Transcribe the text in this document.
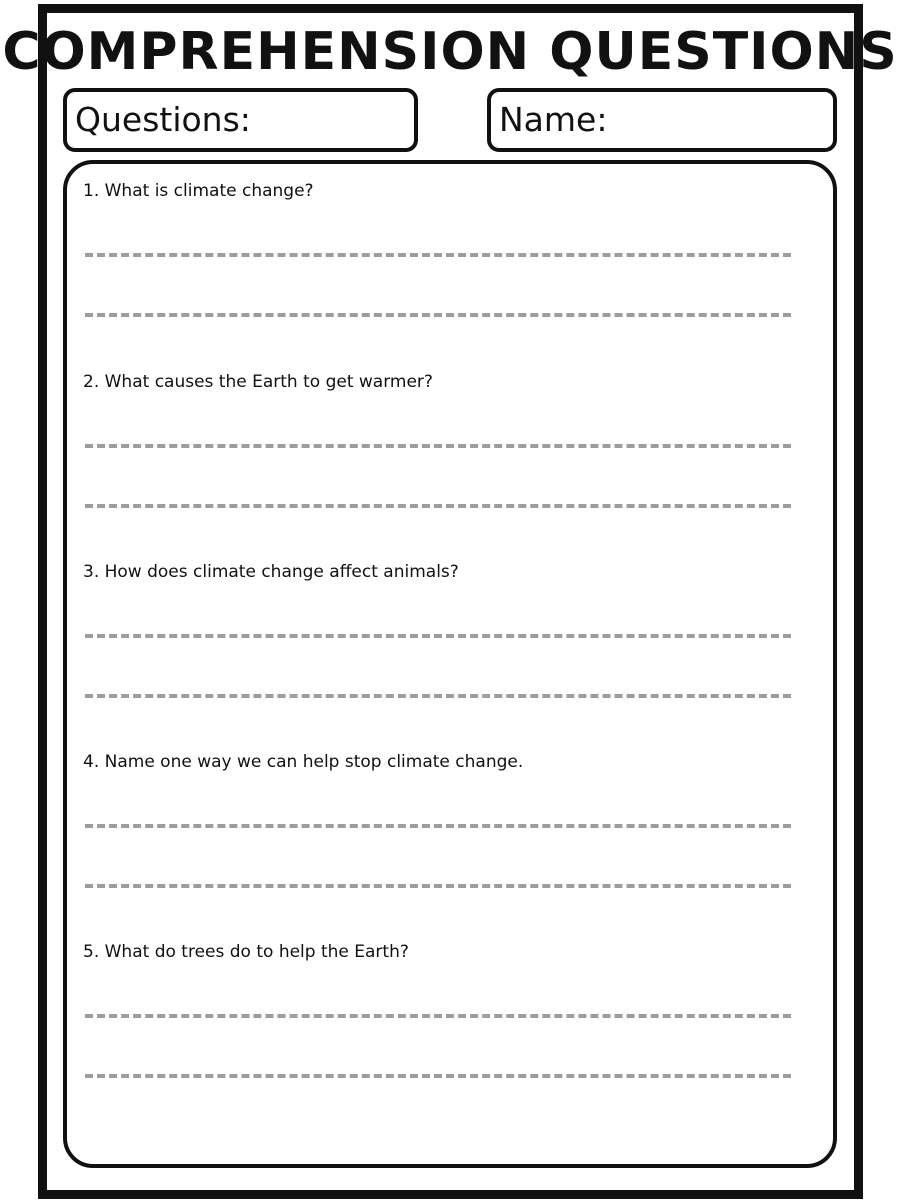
COMPREHENSION QUESTIONS
Questions:	Name:
1. What is climate change?
2. What causes the Earth to get warmer?
3. How does climate change affect animals?
4. Name one way we can help stop climate change.
5. What do trees do to help the Earth?
